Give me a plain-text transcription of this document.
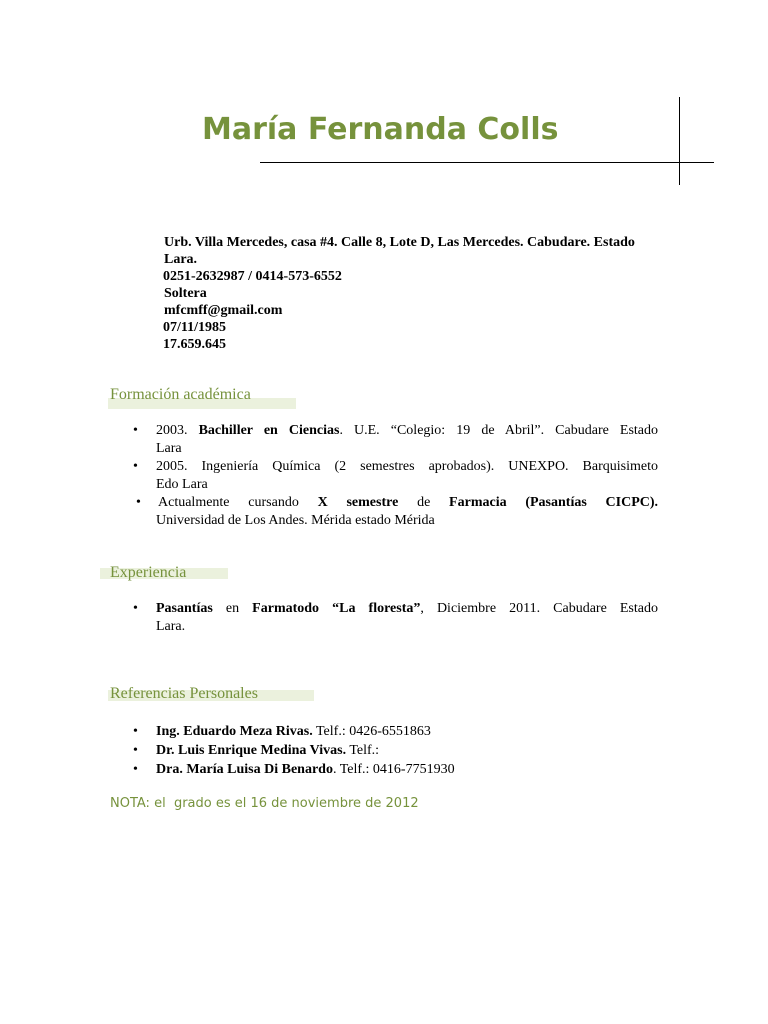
María Fernanda Colls
Urb. Villa Mercedes, casa #4. Calle 8, Lote D, Las Mercedes. Cabudare. Estado
Lara.
0251-2632987 / 0414-573-6552
Soltera
mfcmff@gmail.com
07/11/1985
17.659.645
Formación académica
• 2003. Bachiller en Ciencias. U.E. “Colegio: 19 de Abril”. Cabudare Estado
Lara
• 2005. Ingeniería Química (2 semestres aprobados). UNEXPO. Barquisimeto
Edo Lara
• Actualmente cursando X semestre de Farmacia (Pasantías CICPC).
Universidad de Los Andes. Mérida estado Mérida
Experiencia
• Pasantías en Farmatodo “La floresta”, Diciembre 2011. Cabudare Estado
Lara.
Referencias Personales
• Ing. Eduardo Meza Rivas. Telf.: 0426-6551863
• Dr. Luis Enrique Medina Vivas. Telf.:
• Dra. María Luisa Di Benardo. Telf.: 0416-7751930
NOTA: el  grado es el 16 de noviembre de 2012
